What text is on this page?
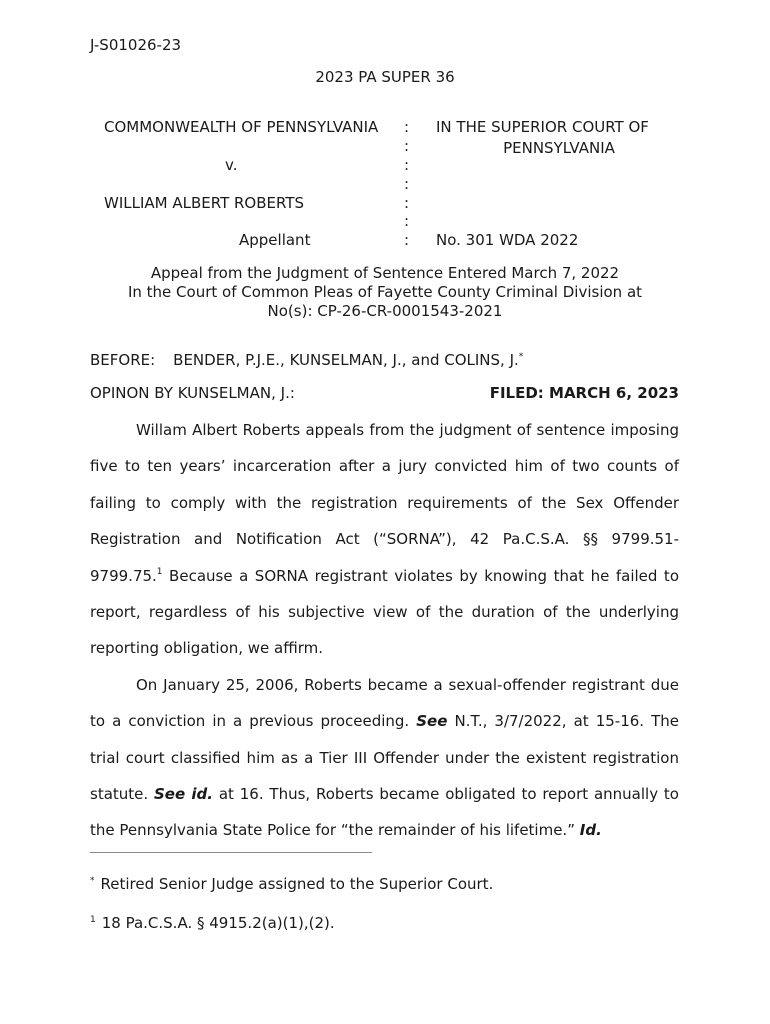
J-S01026-23
2023 PA SUPER 36
COMMONWEALTH OF PENNSYLVANIA
v.
WILLIAM ALBERT ROBERTS
Appellant
:
:
:
:
:
:
:
IN THE SUPERIOR COURT OF
PENNSYLVANIA
No. 301 WDA 2022
Appeal from the Judgment of Sentence Entered March 7, 2022
In the Court of Common Pleas of Fayette County Criminal Division at
No(s): CP-26-CR-0001543-2021
BEFORE: BENDER, P.J.E., KUNSELMAN, J., and COLINS, J.*
OPINON BY KUNSELMAN, J.:	FILED: MARCH 6, 2023

Willam Albert Roberts appeals from the judgment of sentence imposing five to ten years’ incarceration after a jury convicted him of two counts of failing to comply with the registration requirements of the Sex Offender Registration and Notification Act (“SORNA”), 42 Pa.C.S.A. §§ 9799.51-9799.75.$^1$ Because a SORNA registrant violates by knowing that he failed to report, regardless of his subjective view of the duration of the underlying reporting obligation, we affirm.

On January 25, 2006, Roberts became a sexual-offender registrant due to a conviction in a previous proceeding. See N.T., 3/7/2022, at 15-16. The trial court classified him as a Tier III Offender under the existent registration statute. See id. at 16. Thus, Roberts became obligated to report annually to the Pennsylvania State Police for “the remainder of his lifetime.” Id.

* Retired Senior Judge assigned to the Superior Court.
$^1$ 18 Pa.C.S.A. § 4915.2(a)(1),(2).
